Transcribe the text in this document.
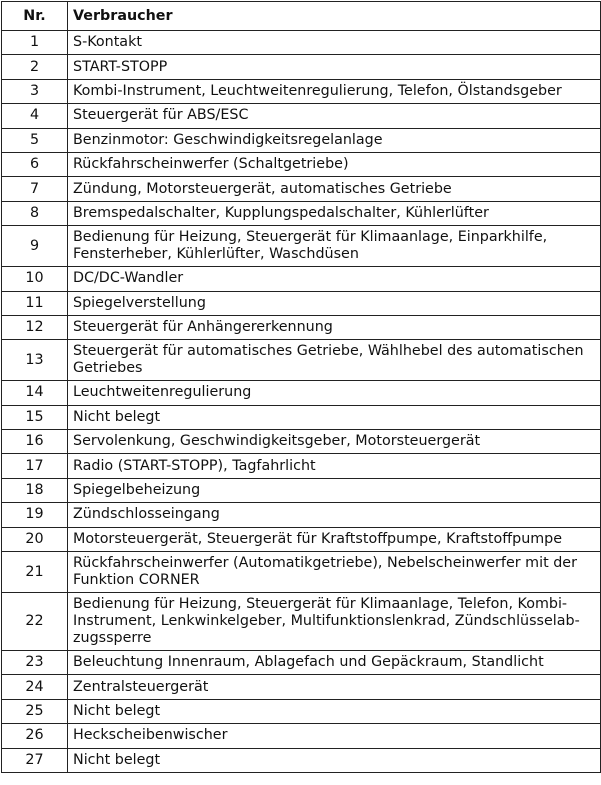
Nr.	Verbraucher
1	S-Kontakt
2	START-STOPP
3	Kombi-Instrument, Leuchtweitenregulierung, Telefon, Ölstandsgeber
4	Steuergerät für ABS/ESC
5	Benzinmotor: Geschwindigkeitsregelanlage
6	Rückfahrscheinwerfer (Schaltgetriebe)
7	Zündung, Motorsteuergerät, automatisches Getriebe
8	Bremspedalschalter, Kupplungspedalschalter, Kühlerlüfter
9	Bedienung für Heizung, Steuergerät für Klimaanlage, Einparkhilfe, Fensterheber, Kühlerlüfter, Waschdüsen
10	DC/DC-Wandler
11	Spiegelverstellung
12	Steuergerät für Anhängererkennung
13	Steuergerät für automatisches Getriebe, Wählhebel des automatischen Getriebes
14	Leuchtweitenregulierung
15	Nicht belegt
16	Servolenkung, Geschwindigkeitsgeber, Motorsteuergerät
17	Radio (START-STOPP), Tagfahrlicht
18	Spiegelbeheizung
19	Zündschlosseingang
20	Motorsteuergerät, Steuergerät für Kraftstoffpumpe, Kraftstoffpumpe
21	Rückfahrscheinwerfer (Automatikgetriebe), Nebelscheinwerfer mit der Funktion CORNER
22	Bedienung für Heizung, Steuergerät für Klimaanlage, Telefon, Kombi-Instrument, Lenkwinkelgeber, Multifunktionslenkrad, Zündschlüsselabzugssperre
23	Beleuchtung Innenraum, Ablagefach und Gepäckraum, Standlicht
24	Zentralsteuergerät
25	Nicht belegt
26	Heckscheibenwischer
27	Nicht belegt
